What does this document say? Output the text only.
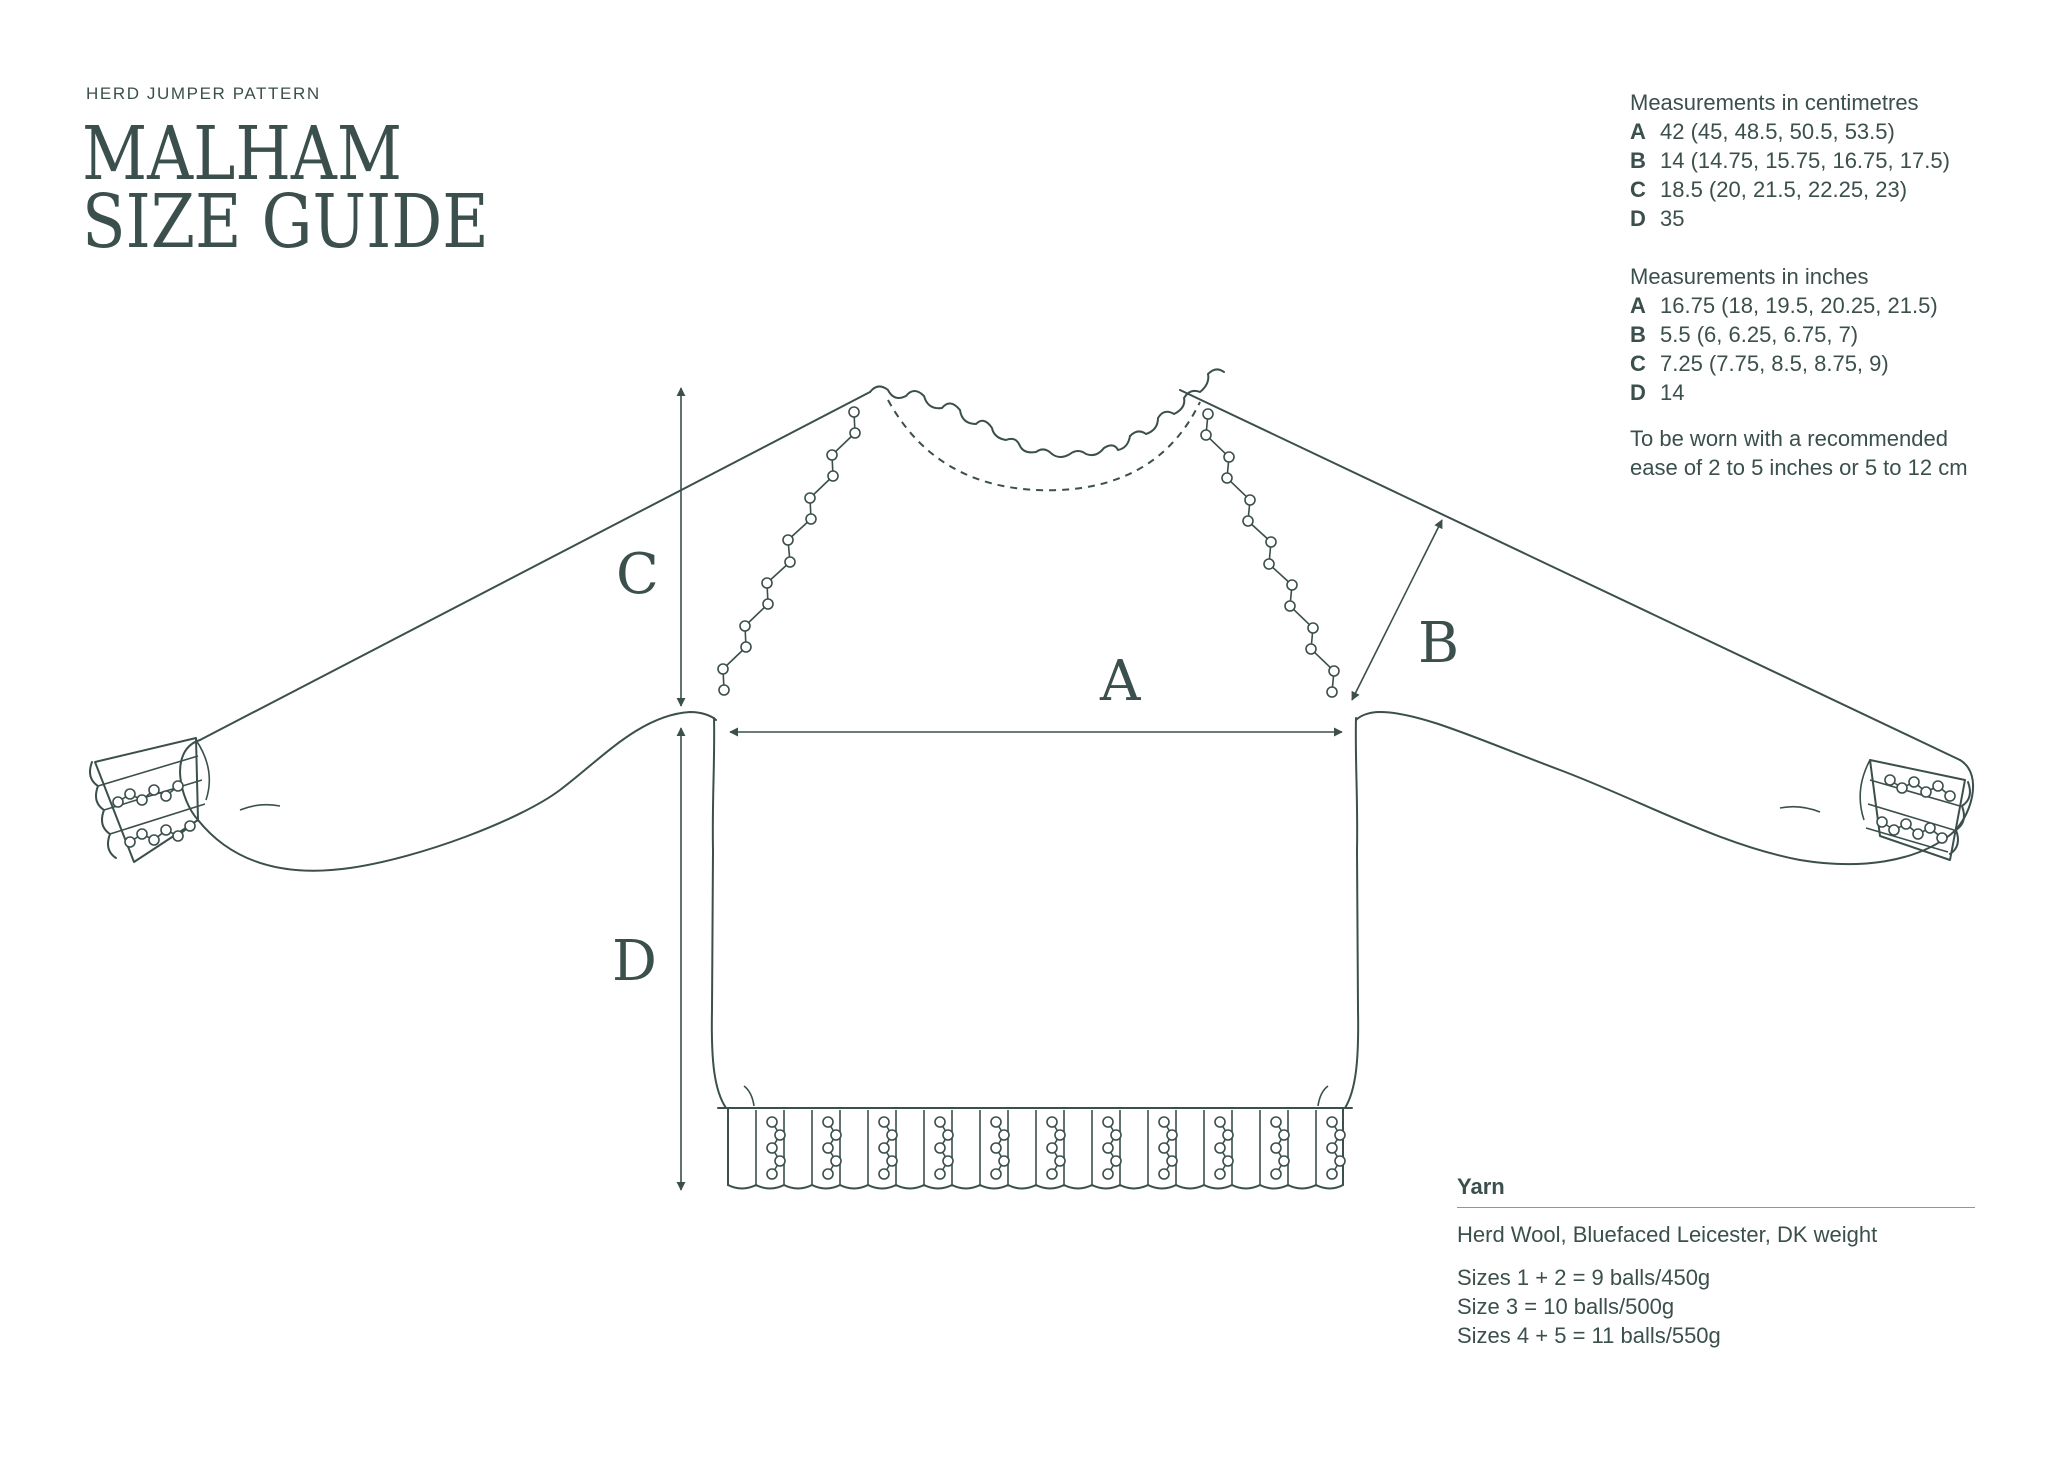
HERD JUMPER PATTERN
MALHAM
SIZE GUIDE
Measurements in centimetres
A 42 (45, 48.5, 50.5, 53.5)
B 14 (14.75, 15.75, 16.75, 17.5)
C 18.5 (20, 21.5, 22.25, 23)
D 35
Measurements in inches
A 16.75 (18, 19.5, 20.25, 21.5)
B 5.5 (6, 6.25, 6.75, 7)
C 7.25 (7.75, 8.5, 8.75, 9)
D 14
To be worn with a recommended ease of 2 to 5 inches or 5 to 12 cm
Yarn
Herd Wool, Bluefaced Leicester, DK weight
Sizes 1 + 2 = 9 balls/450g
Size 3 = 10 balls/500g
Sizes 4 + 5 = 11 balls/550g
A
B
C
D
